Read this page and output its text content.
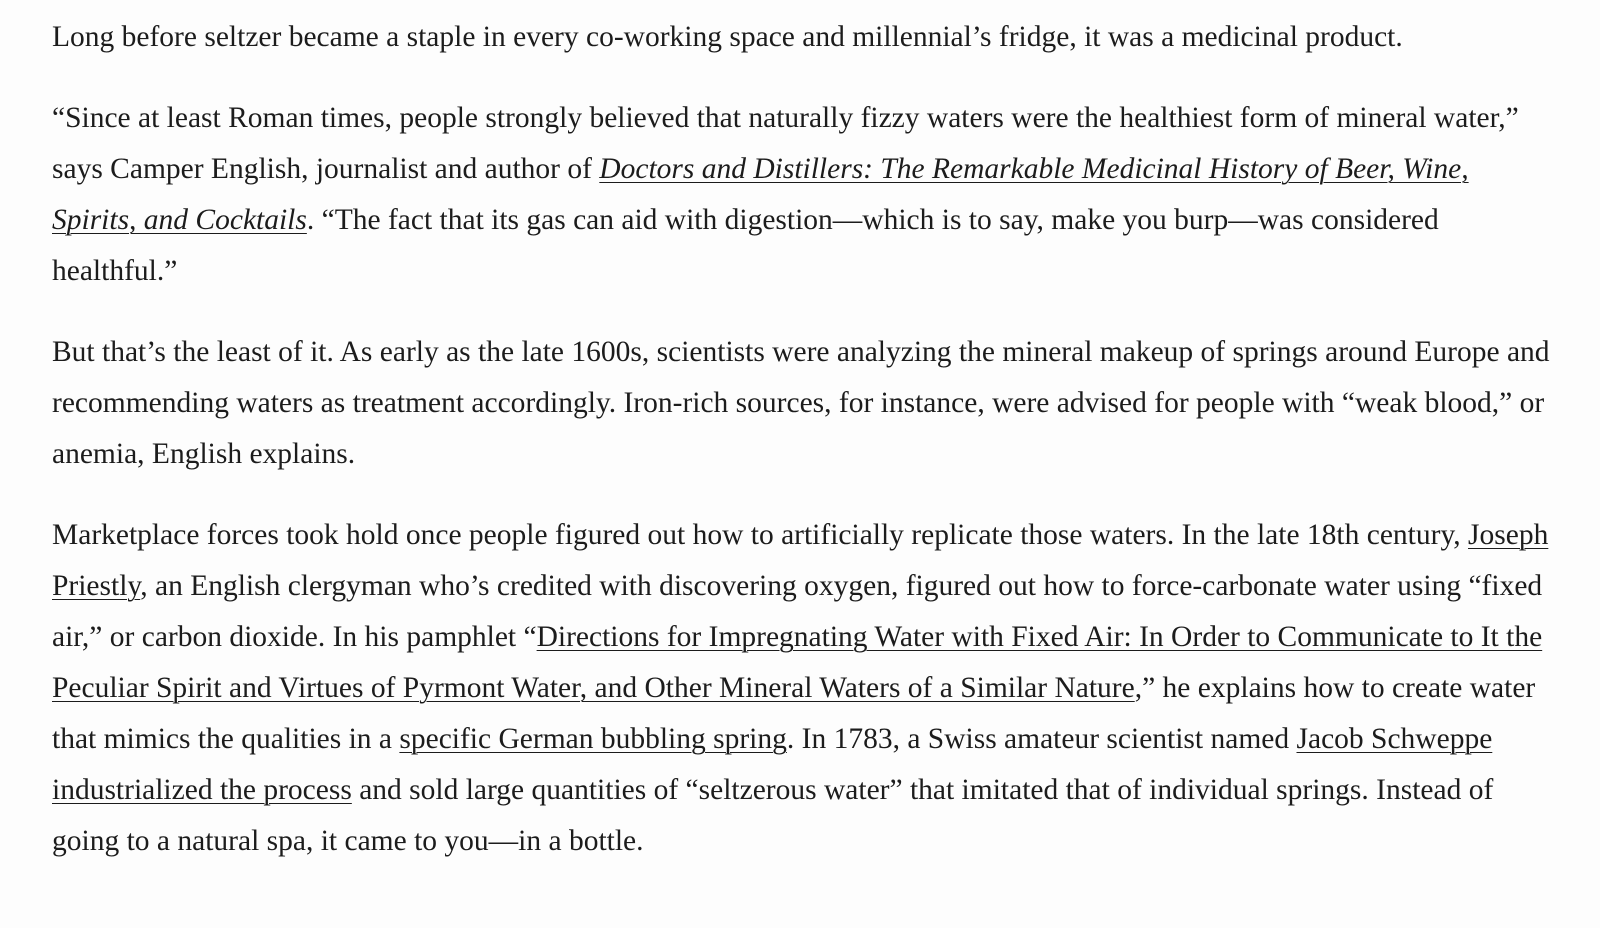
Long before seltzer became a staple in every co-working space and millennial’s fridge, it was a medicinal product.

“Since at least Roman times, people strongly believed that naturally fizzy waters were the healthiest form of mineral water,” says Camper English, journalist and author of Doctors and Distillers: The Remarkable Medicinal History of Beer, Wine, Spirits, and Cocktails. “The fact that its gas can aid with digestion—which is to say, make you burp—was considered healthful.”

But that’s the least of it. As early as the late 1600s, scientists were analyzing the mineral makeup of springs around Europe and recommending waters as treatment accordingly. Iron-rich sources, for instance, were advised for people with “weak blood,” or anemia, English explains.

Marketplace forces took hold once people figured out how to artificially replicate those waters. In the late 18th century, Joseph Priestly, an English clergyman who’s credited with discovering oxygen, figured out how to force-carbonate water using “fixed air,” or carbon dioxide. In his pamphlet “Directions for Impregnating Water with Fixed Air: In Order to Communicate to It the Peculiar Spirit and Virtues of Pyrmont Water, and Other Mineral Waters of a Similar Nature,” he explains how to create water that mimics the qualities in a specific German bubbling spring. In 1783, a Swiss amateur scientist named Jacob Schweppe industrialized the process and sold large quantities of “seltzerous water” that imitated that of individual springs. Instead of going to a natural spa, it came to you—in a bottle.
